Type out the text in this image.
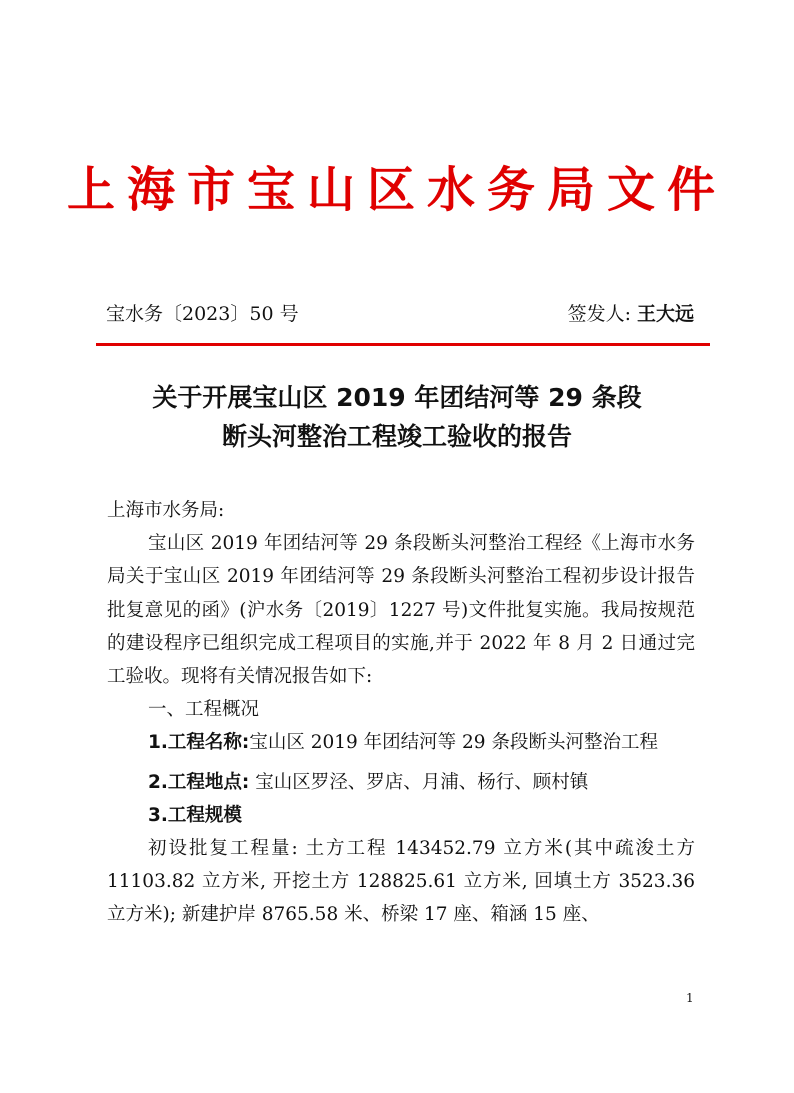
上海市宝山区水务局文件
宝水务〔2023〕50 号	签发人: 王大远
关于开展宝山区 2019 年团结河等 29 条段
断头河整治工程竣工验收的报告

上海市水务局:

宝山区 2019 年团结河等 29 条段断头河整治工程经《上海市水务局关于宝山区 2019 年团结河等 29 条段断头河整治工程初步设计报告批复意见的函》(沪水务〔2019〕1227 号)文件批复实施。我局按规范的建设程序已组织完成工程项目的实施,并于 2022 年 8 月 2 日通过完工验收。现将有关情况报告如下:

一、工程概况

1.工程名称:宝山区 2019 年团结河等 29 条段断头河整治工程

2.工程地点: 宝山区罗泾、罗店、月浦、杨行、顾村镇

3.工程规模

初设批复工程量: 土方工程 143452.79 立方米(其中疏浚土方 11103.82 立方米, 开挖土方 128825.61 立方米, 回填土方 3523.36 立方米); 新建护岸 8765.58 米、桥梁 17 座、箱涵 15 座、

1
